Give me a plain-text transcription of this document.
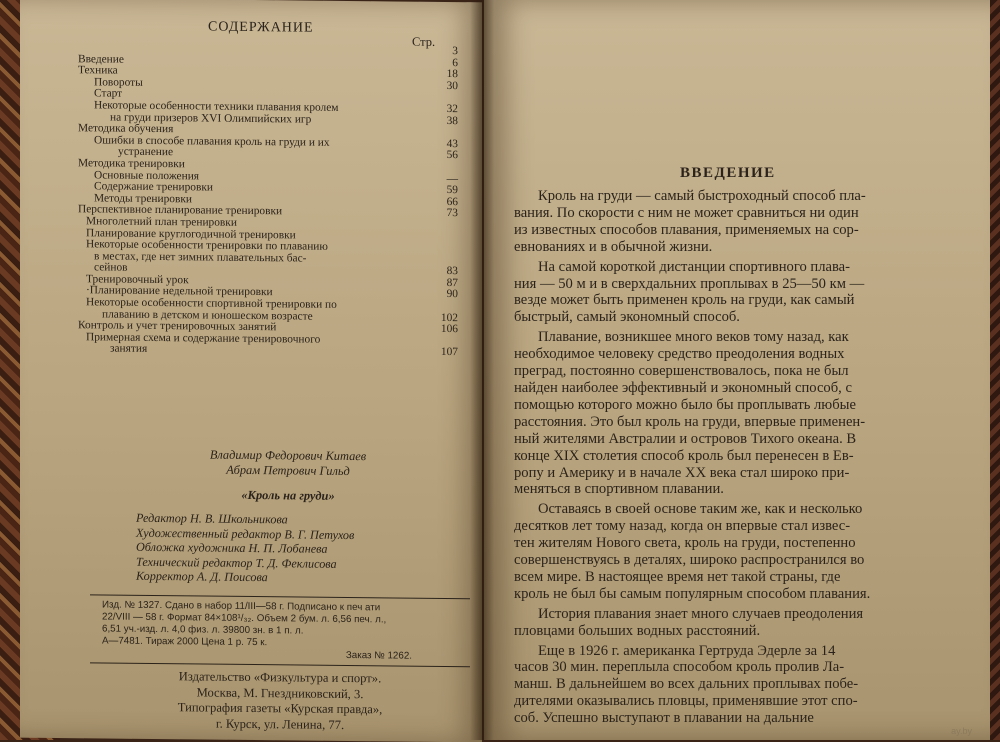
СОДЕРЖАНИЕ
Стр.
3
Введение	6
Техника	18
Повороты	30
Старт
Некоторые особенности техники плавания кролем	32
на груди призеров XVI Олимпийских игр	38
Методика обучения
Ошибки в способе плавания кроль на груди и их	43
устранение	56
Методика тренировки
Основные положения	—
Содержание тренировки	59
Методы тренировки	66
Перспективное планирование тренировки	73
Многолетний план тренировки
Планирование круглогодичной тренировки
Некоторые особенности тренировки по плаванию
в местах, где нет зимних плавательных бас-
сейнов	83
Тренировочный урок	87
·Планирование недельной тренировки	90
Некоторые особенности спортивной тренировки по
плаванию в детском и юношеском возрасте	102
Контроль и учет тренировочных занятий	106
Примерная схема и содержание тренировочного
занятия	107
Владимир Федорович Китаев
Абрам Петрович Гильд
«Кроль на груди»
Редактор Н. В. Школьникова
Художественный редактор В. Г. Петухов
Обложка художника Н. П. Лобанева
Технический редактор Т. Д. Феклисова
Корректор А. Д. Поисова
Изд. № 1327. Сдано в набор 11/III—58 г. Подписано к печ ати
22/VIII — 58 г. Формат 84×108¹/₃₂. Объем 2 бум. л. 6,56 печ. л.,
6,51 уч.-изд. л. 4,0 физ. л. 39800 зн. в 1 п. л.
А—7481. Тираж 2000 Цена 1 р. 75 к.
Заказ № 1262.
Издательство «Физкультура и спорт».
Москва, М. Гнездниковский, 3.
Типография газеты «Курская правда»,
г. Курск, ул. Ленина, 77.
ВВЕДЕНИЕ
Кроль на груди — самый быстроходный способ пла-
вания. По скорости с ним не может сравниться ни один
из известных способов плавания, применяемых на сор-
евнованиях и в обычной жизни.
На самой короткой дистанции спортивного плава-
ния — 50 м и в сверхдальних проплывах в 25—50 км —
везде может быть применен кроль на груди, как самый
быстрый, самый экономный способ.
Плавание, возникшее много веков тому назад, как
необходимое человеку средство преодоления водных
преград, постоянно совершенствовалось, пока не был
найден наиболее эффективный и экономный способ, с
помощью которого можно было бы проплывать любые
расстояния. Это был кроль на груди, впервые применен-
ный жителями Австралии и островов Тихого океана. В
конце XIX столетия способ кроль был перенесен в Ев-
ропу и Америку и в начале XX века стал широко при-
меняться в спортивном плавании.
Оставаясь в своей основе таким же, как и несколько
десятков лет тому назад, когда он впервые стал извес-
тен жителям Нового света, кроль на груди, постепенно
совершенствуясь в деталях, широко распространился во
всем мире. В настоящее время нет такой страны, где
кроль не был бы самым популярным способом плавания.
История плавания знает много случаев преодоления
пловцами больших водных расстояний.
Еще в 1926 г. американка Гертруда Эдерле за 14
часов 30 мин. переплыла способом кроль пролив Ла-
манш. В дальнейшем во всех дальних проплывах побе-
дителями оказывались пловцы, применявшие этот спо-
соб. Успешно выступают в плавании на дальние
ay.by
